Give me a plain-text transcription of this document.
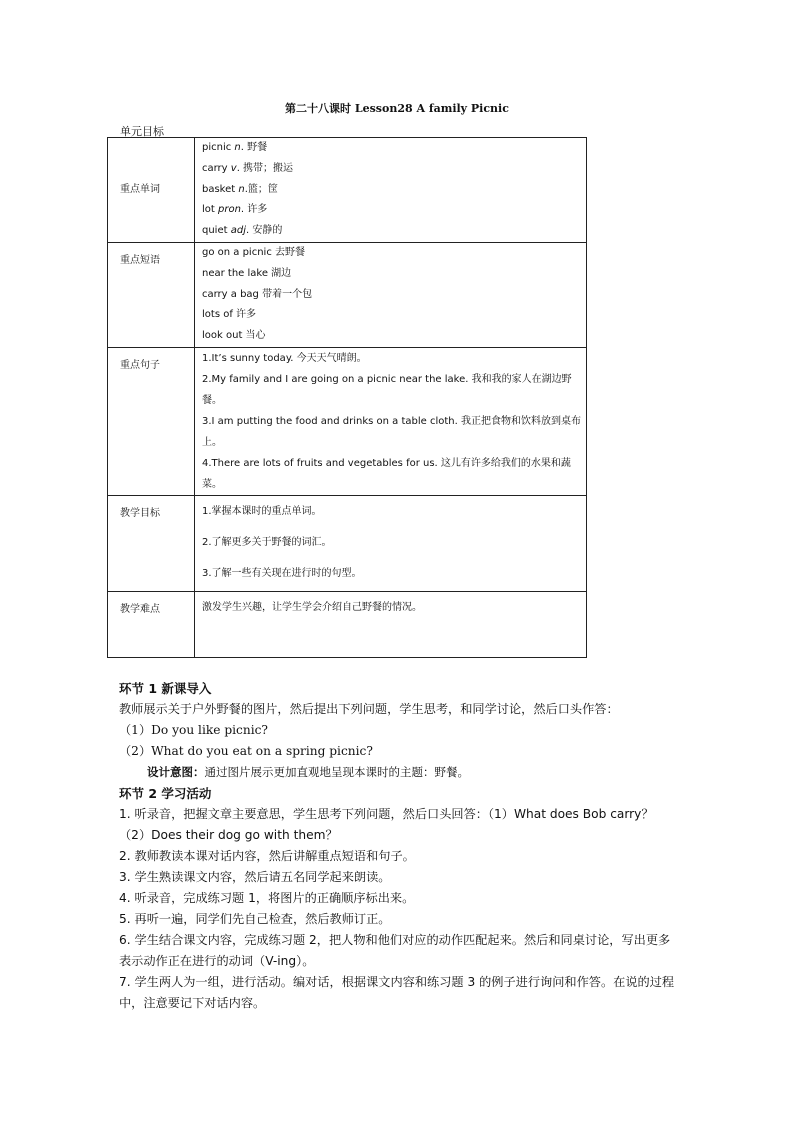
第二十八课时 Lesson28 A family Picnic
单元目标
重点单词	picnic n. 野餐
carry v. 携带；搬运
basket n.篮；筐
lot pron. 许多
quiet adj. 安静的

重点短语	go on a picnic 去野餐
near the lake 湖边
carry a bag 带着一个包
lots of 许多
look out 当心

重点句子	1.It’s sunny today. 今天天气晴朗。
2.My family and I are going on a picnic near the lake. 我和我的家人在湖边野餐。
3.I am putting the food and drinks on a table cloth. 我正把食物和饮料放到桌布上。
4.There are lots of fruits and vegetables for us. 这儿有许多给我们的水果和蔬菜。

教学目标	1.掌握本课时的重点单词。
2.了解更多关于野餐的词汇。
3.了解一些有关现在进行时的句型。

教学难点	激发学生兴趣，让学生学会介绍自己野餐的情况。

环节 1 新课导入

教师展示关于户外野餐的图片，然后提出下列问题，学生思考，和同学讨论，然后口头作答：

（1）Do you like picnic?

（2）What do you eat on a spring picnic?

设计意图：通过图片展示更加直观地呈现本课时的主题：野餐。

环节 2 学习活动

1. 听录音，把握文章主要意思，学生思考下列问题，然后口头回答：（1）What does Bob carry？（2）Does their dog go with them？

2. 教师教读本课对话内容，然后讲解重点短语和句子。

3. 学生熟读课文内容，然后请五名同学起来朗读。

4. 听录音，完成练习题 1，将图片的正确顺序标出来。

5. 再听一遍，同学们先自己检查，然后教师订正。

6. 学生结合课文内容，完成练习题 2，把人物和他们对应的动作匹配起来。然后和同桌讨论，写出更多表示动作正在进行的动词（V-ing）。

7. 学生两人为一组，进行活动。编对话，根据课文内容和练习题 3 的例子进行询问和作答。在说的过程中，注意要记下对话内容。
